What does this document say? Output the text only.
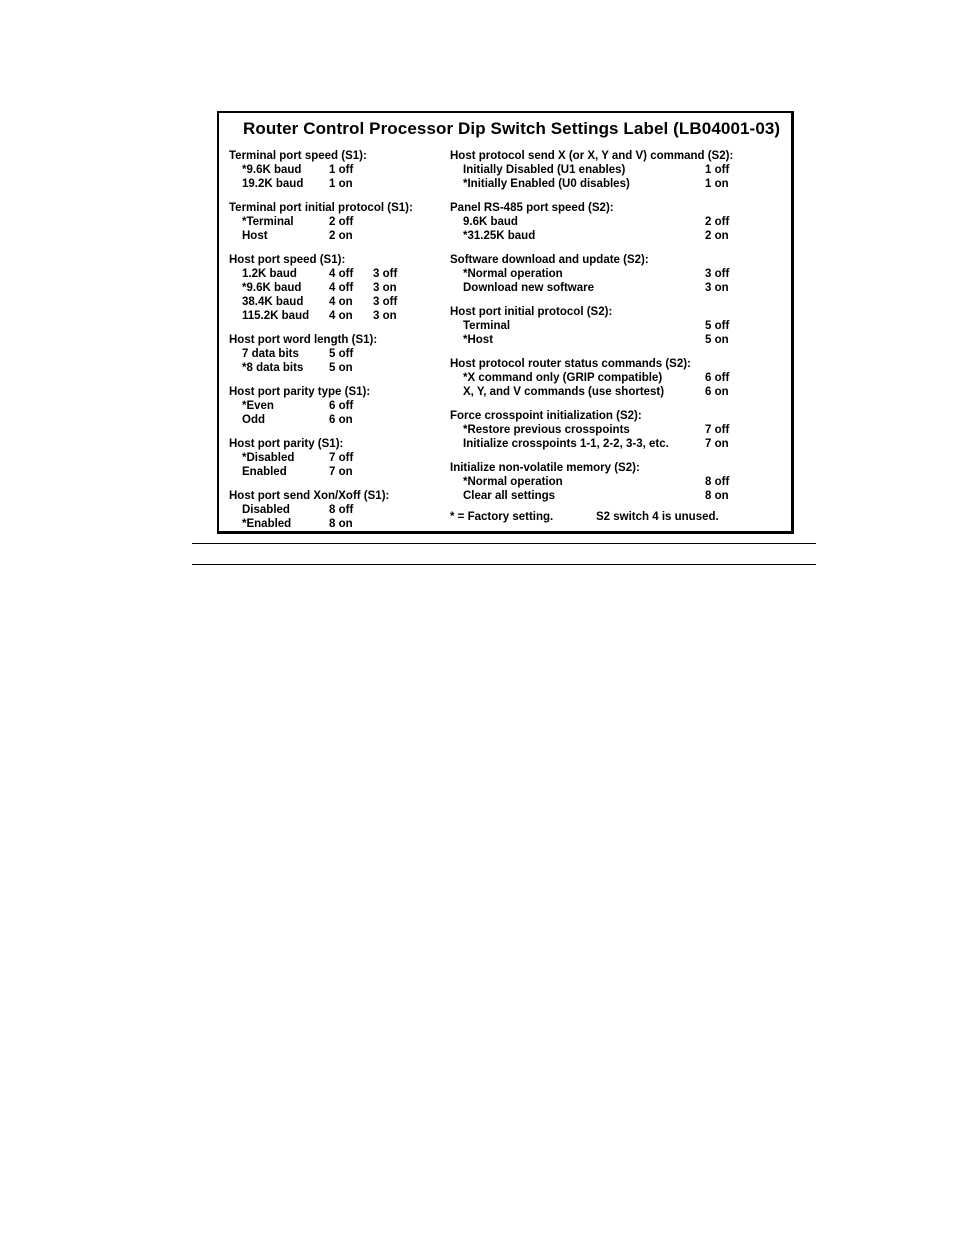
Router Control Processor Dip Switch Settings Label (LB04001-03)
Terminal port speed (S1):
*9.6K baud 1 off
19.2K baud 1 on
Terminal port initial protocol (S1):
*Terminal	2 off
Host	2 on
Host port speed (S1):
1.2K baud	4 off 3 off
*9.6K baud 4 off 3 on
38.4K baud 4 on 3 off
115.2K baud 4 on 3 on
Host port word length (S1):
7 data bits	5 off
*8 data bits 5 on
Host port parity type (S1):
*Even	6 off
Odd	6 on
Host port parity (S1):
*Disabled	7 off
Enabled	7 on
Host port send Xon/Xoff (S1):
Disabled	8 off
*Enabled	8 on
Host protocol send X (or X, Y and V) command (S2):
Initially Disabled (U1 enables)	1 off
*Initially Enabled (U0 disables)	1 on
Panel RS-485 port speed (S2):
9.6K baud	2 off
*31.25K baud	2 on
Software download and update (S2):
*Normal operation	3 off
Download new software	3 on
Host port initial protocol (S2):
Terminal	5 off
*Host	5 on
Host protocol router status commands (S2):
*X command only (GRIP compatible)	6 off
X, Y, and V commands (use shortest)	6 on
Force crosspoint initialization (S2):
*Restore previous crosspoints	7 off
Initialize crosspoints 1-1, 2-2, 3-3, etc.	7 on
Initialize non-volatile memory (S2):
*Normal operation	8 off
Clear all settings	8 on
* = Factory setting.	S2 switch 4 is unused.
